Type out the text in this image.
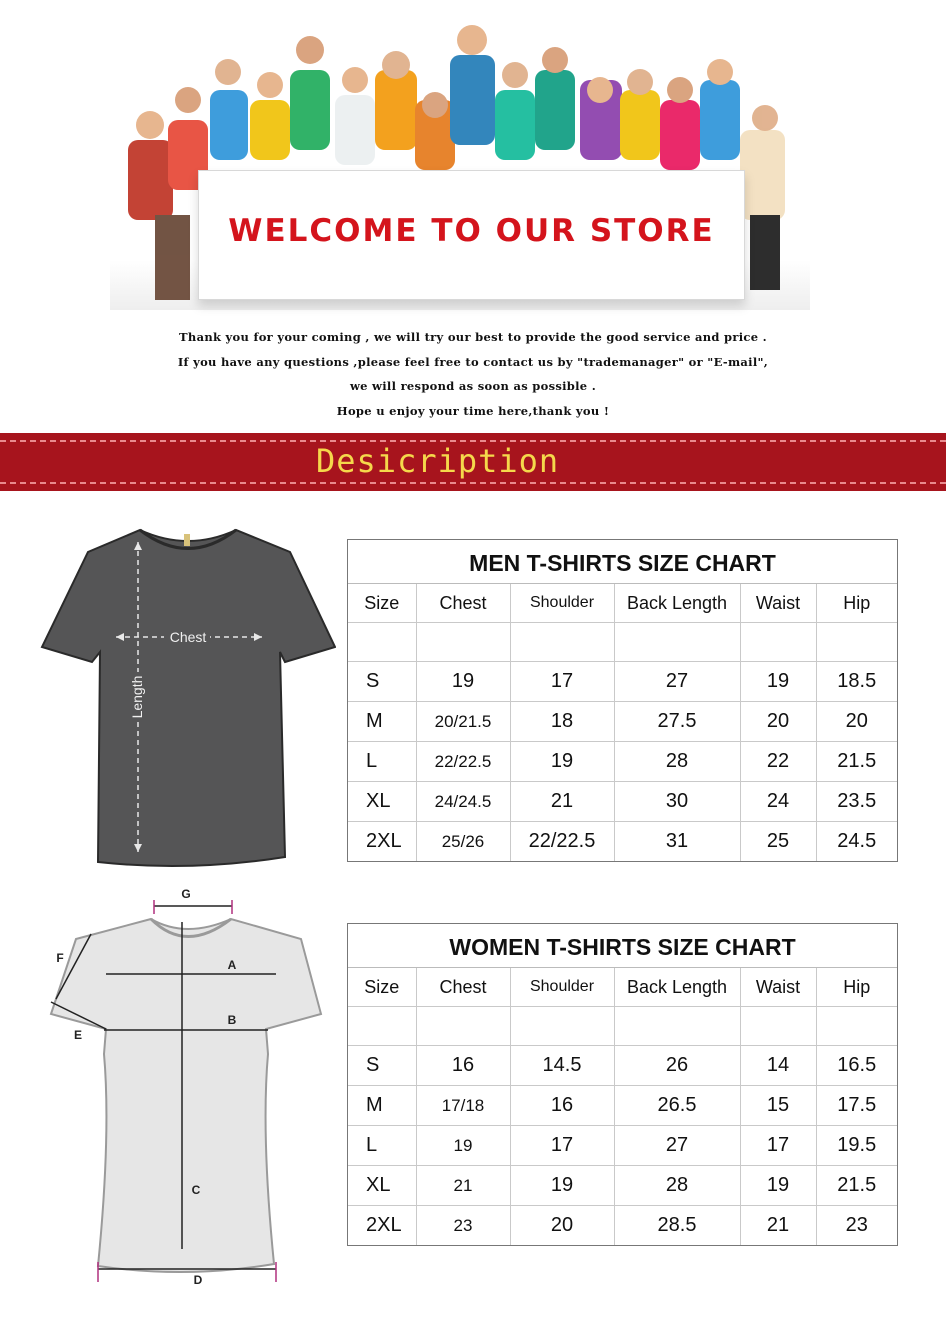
WELCOME TO OUR STORE
Thank you for your coming , we will try our best to provide the good service and price .
If you have any questions ,please feel free to contact us by "trademanager" or "E-mail",
we will respond as soon as possible .
Hope u enjoy your time here,thank you !
Desicription
Chest
Length
G
F	A
E
B
C
D
MEN T-SHIRTS SIZE CHART
Size	Chest	Shoulder	Back Length	Waist	Hip

S	19	17	27	19	18.5
M	20/21.5	18	27.5	20	20
L	22/22.5	19	28	22	21.5
XL	24/24.5	21	30	24	23.5
2XL	25/26	22/22.5	31	25	24.5
WOMEN T-SHIRTS SIZE CHART
Size	Chest	Shoulder	Back Length	Waist	Hip

S	16	14.5	26	14	16.5
M	17/18	16	26.5	15	17.5
L	19	17	27	17	19.5
XL	21	19	28	19	21.5
2XL	23	20	28.5	21	23
